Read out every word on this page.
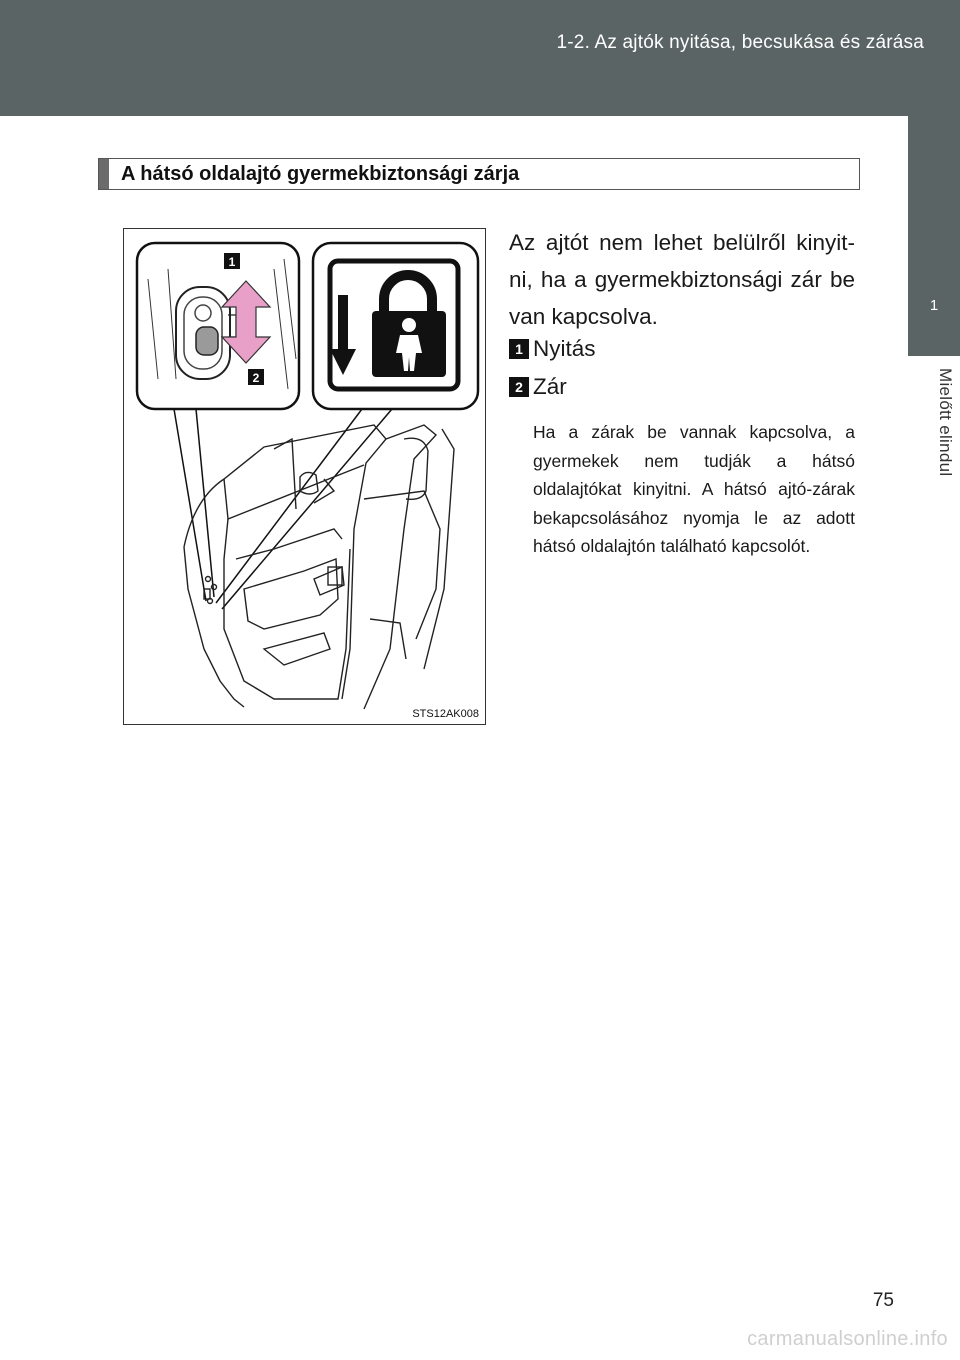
1-2. Az ajtók nyitása, becsukása és zárása
1
Mielőtt elindul
A hátsó oldalajtó gyermekbiztonsági zárja
1
2
STS12AK008
Az ajtót nem lehet belülről kinyit-ni, ha a gyermekbiztonsági zár be van kapcsolva.
1 Nyitás
2 Zár
Ha a zárak be vannak kapcsolva, a gyermekek nem tudják a hátsó oldalajtókat kinyitni. A hátsó ajtó-zárak bekapcsolásához nyomja le az adott hátsó oldalajtón található kapcsolót.
75
carmanualsonline.info
